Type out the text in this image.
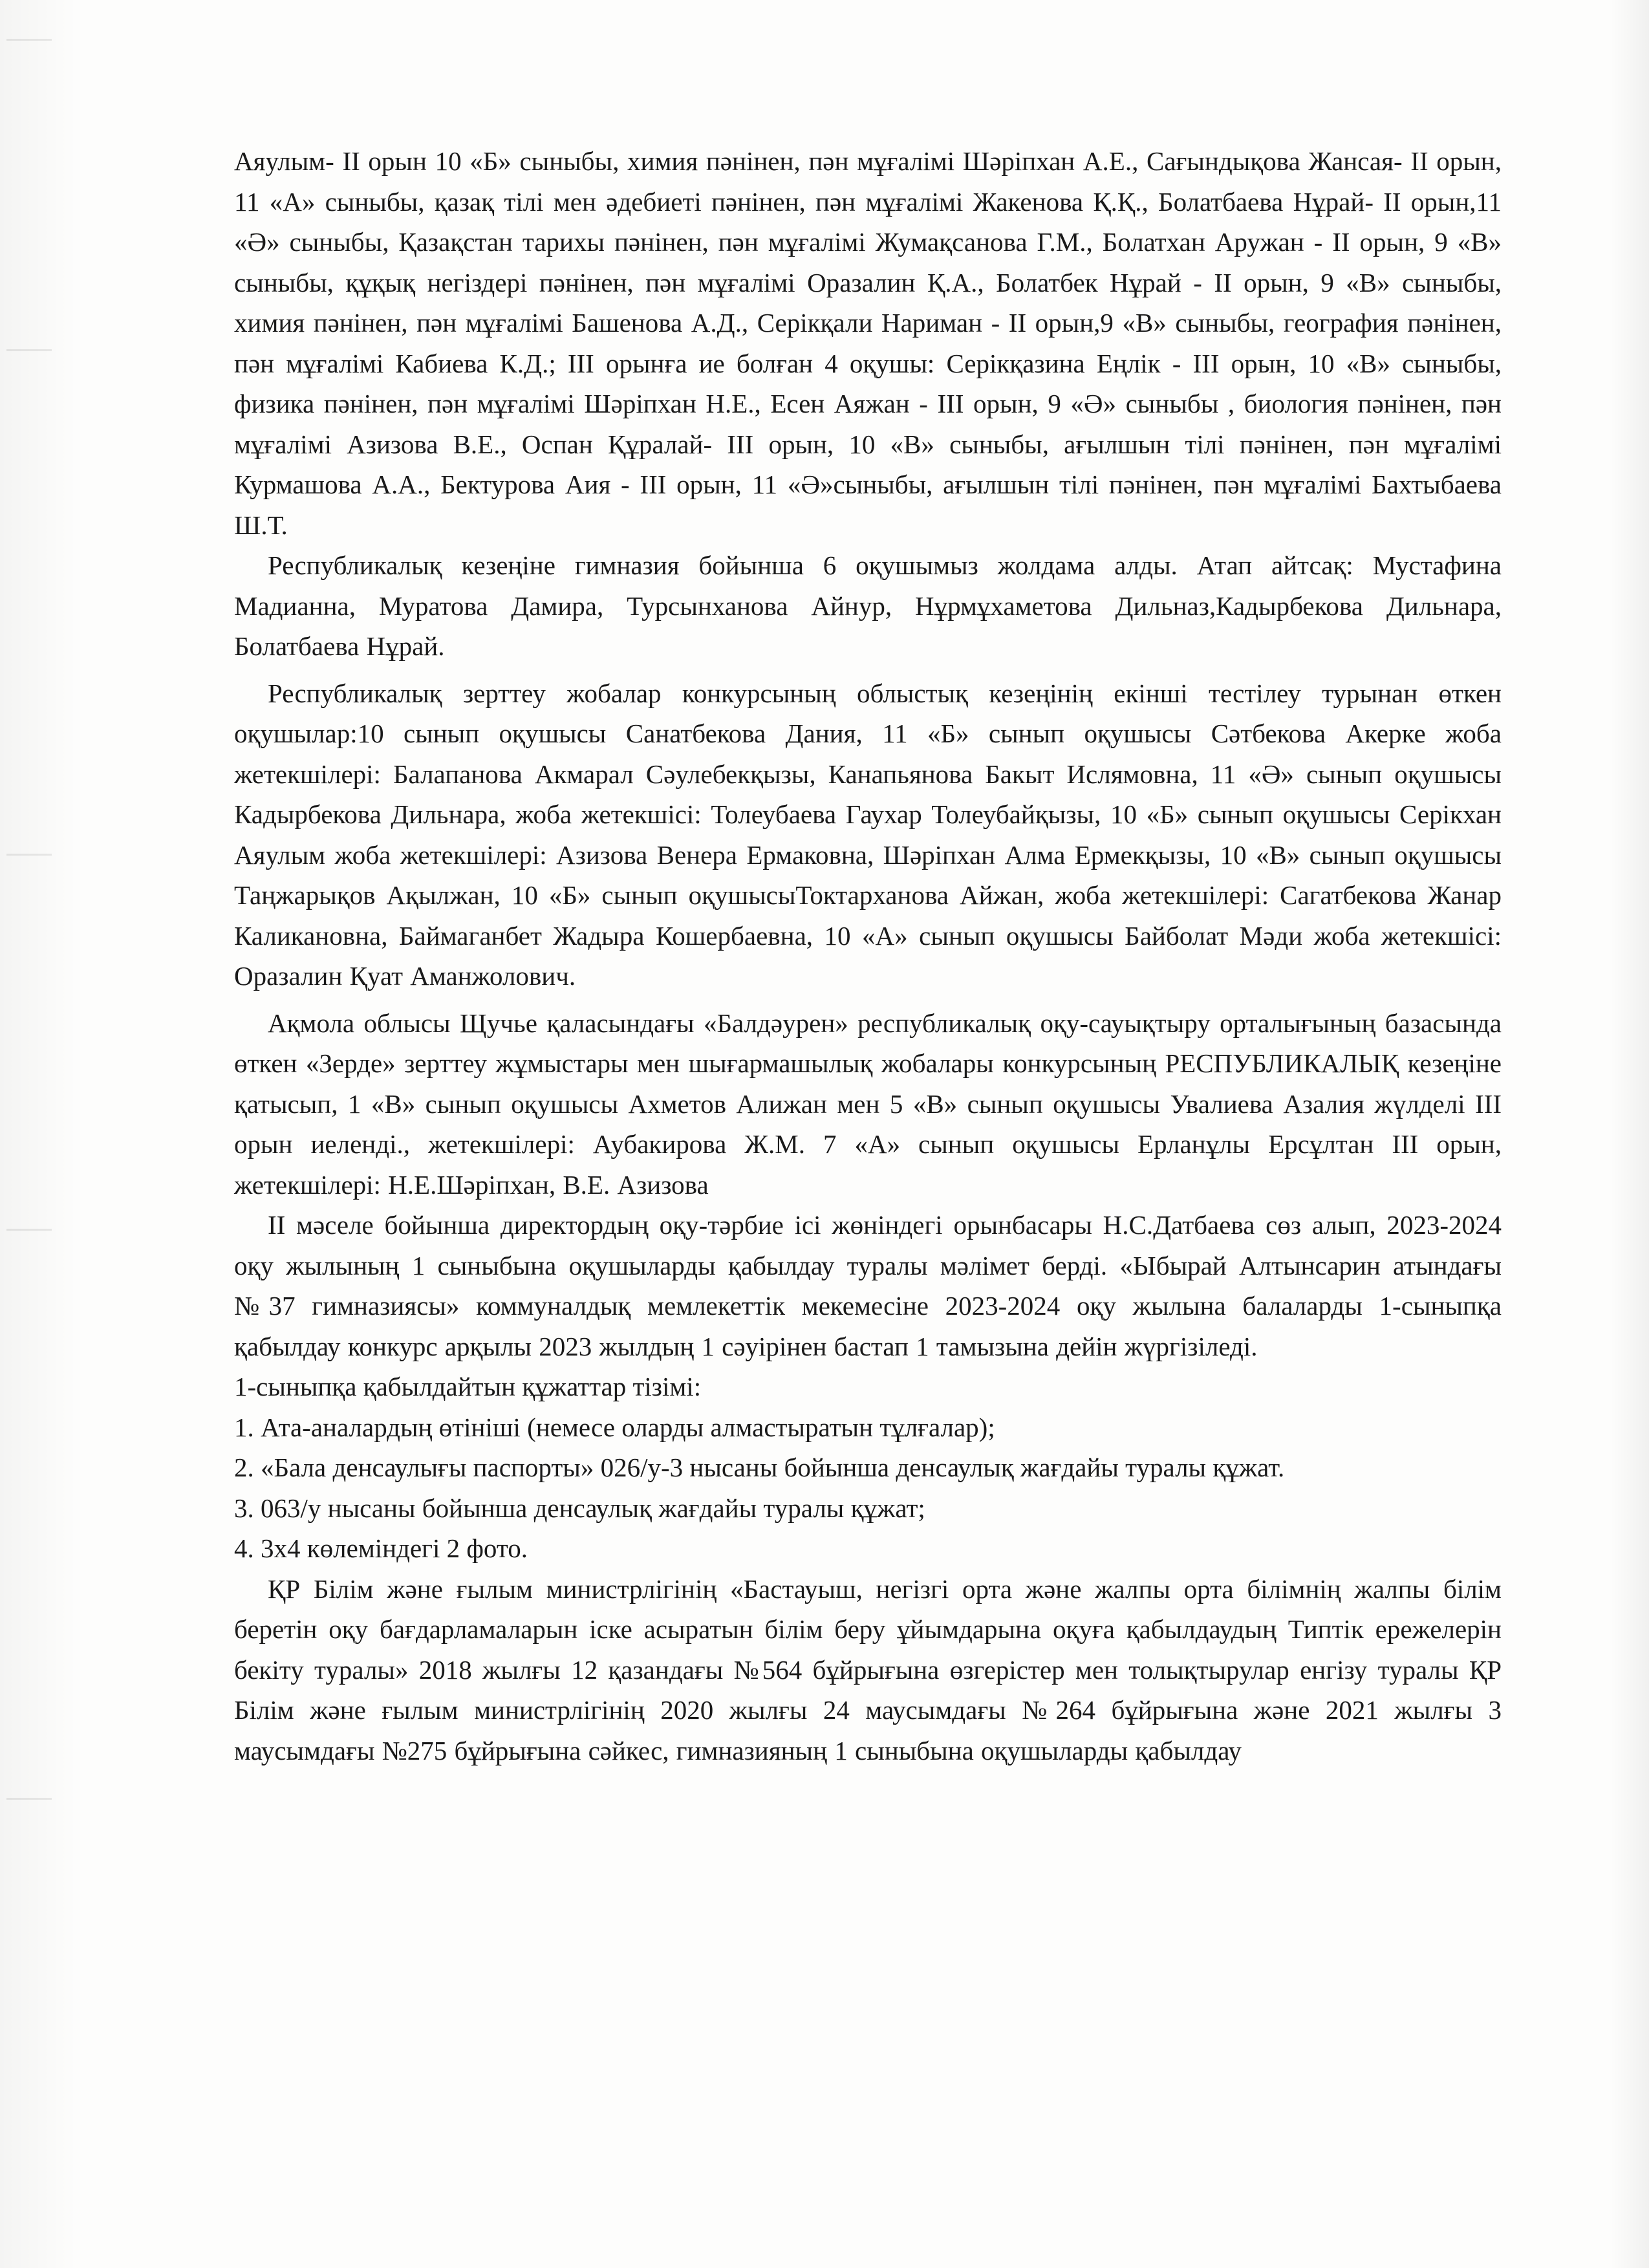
Аяулым- ІІ орын 10 «Б» сыныбы, химия пәнінен, пән мұғалімі Шәріпхан А.Е., Сағындықова Жансая- ІІ орын, 11 «А» сыныбы, қазақ тілі мен әдебиеті пәнінен, пән мұғалімі Жакенова Қ.Қ., Болатбаева Нұрай- ІІ орын,11 «Ә» сыныбы, Қазақстан тарихы пәнінен, пән мұғалімі Жумақсанова Г.М., Болатхан Аружан - ІІ орын, 9 «В» сыныбы, құқық негіздері пәнінен, пән мұғалімі Оразалин Қ.А., Болатбек Нұрай - ІІ орын, 9 «В» сыныбы, химия пәнінен, пән мұғалімі Башенова А.Д., Серікқали Нариман - ІІ орын,9 «В» сыныбы, география пәнінен, пән мұғалімі Кабиева К.Д.; ІІІ орынға ие болған 4 оқушы: Серікқазина Еңлік - ІІІ орын, 10 «В» сыныбы, физика пәнінен, пән мұғалімі Шәріпхан Н.Е., Есен Аяжан - ІІІ орын, 9 «Ә» сыныбы , биология пәнінен, пән мұғалімі Азизова В.Е., Оспан Құралай- ІІІ орын, 10 «В» сыныбы, ағылшын тілі пәнінен, пән мұғалімі Курмашова А.А., Бектурова Аия - ІІІ орын, 11 «Ә»сыныбы, ағылшын тілі пәнінен, пән мұғалімі Бахтыбаева Ш.Т.

Республикалық кезеңіне гимназия бойынша 6 оқушымыз жолдама алды. Атап айтсақ: Мустафина Мадианна, Муратова Дамира, Турсынханова Айнур, Нұрмұхаметова Дильназ,Кадырбекова Дильнара, Болатбаева Нұрай.

Республикалық зерттеу жобалар конкурсының облыстық кезеңінің екінші тестілеу турынан өткен оқушылар:10 сынып оқушысы Санатбекова Дания, 11 «Б» сынып оқушысы Сәтбекова Акерке жоба жетекшілері: Балапанова Акмарал Сәулебекқызы, Канапьянова Бакыт Ислямовна, 11 «Ә» сынып оқушысы Кадырбекова Дильнара, жоба жетекшісі: Толеубаева Гаухар Толеубайқызы, 10 «Б» сынып оқушысы Серікхан Аяулым жоба жетекшілері: Азизова Венера Ермаковна, Шәріпхан Алма Ермекқызы, 10 «В» сынып оқушысы Таңжарықов Ақылжан, 10 «Б» сынып оқушысыТоктарханова Айжан, жоба жетекшілері: Сагатбекова Жанар Каликановна, Баймаганбет Жадыра Кошербаевна, 10 «А» сынып оқушысы Байболат Мәди жоба жетекшісі: Оразалин Қуат Аманжолович.

Ақмола облысы Щучье қаласындағы «Балдәурен» республикалық оқу-сауықтыру орталығының базасында өткен «Зерде» зерттеу жұмыстары мен шығармашылық жобалары конкурсының РЕСПУБЛИКАЛЫҚ кезеңіне қатысып, 1 «В» сынып оқушысы Ахметов Алижан мен 5 «В» сынып оқушысы Увалиева Азалия жүлделі ІІІ орын иеленді., жетекшілері: Аубакирова Ж.М. 7 «А» сынып оқушысы Ерланұлы Ерсұлтан ІІІ орын, жетекшілері: Н.Е.Шәріпхан, В.Е. Азизова

ІІ мәселе бойынша директордың оқу-тәрбие ісі жөніндегі орынбасары Н.С.Датбаева сөз алып, 2023-2024 оқу жылының 1 сыныбына оқушыларды қабылдау туралы мәлімет берді. «Ыбырай Алтынсарин атындағы №37 гимназиясы» коммуналдық мемлекеттік мекемесіне 2023-2024 оқу жылына балаларды 1-сыныпқа қабылдау конкурс арқылы 2023 жылдың 1 сәуірінен бастап 1 тамызына дейін жүргізіледі.

1-сыныпқа қабылдайтын құжаттар тізімі:

1. Ата-аналардың өтініші (немесе оларды алмастыратын тұлғалар);

2. «Бала денсаулығы паспорты» 026/у-3 нысаны бойынша денсаулық жағдайы туралы құжат.

3. 063/у нысаны бойынша денсаулық жағдайы туралы құжат;

4. 3х4 көлеміндегі 2 фото.

ҚР Білім және ғылым министрлігінің «Бастауыш, негізгі орта және жалпы орта білімнің жалпы білім беретін оқу бағдарламаларын іске асыратын білім беру ұйымдарына оқуға қабылдаудың Типтік ережелерін бекіту туралы» 2018 жылғы 12 қазандағы №564 бұйрығына өзгерістер мен толықтырулар енгізу туралы ҚР Білім және ғылым министрлігінің 2020 жылғы 24 маусымдағы №264 бұйрығына және 2021 жылғы 3 маусымдағы №275 бұйрығына сәйкес, гимназияның 1 сыныбына оқушыларды қабылдау
